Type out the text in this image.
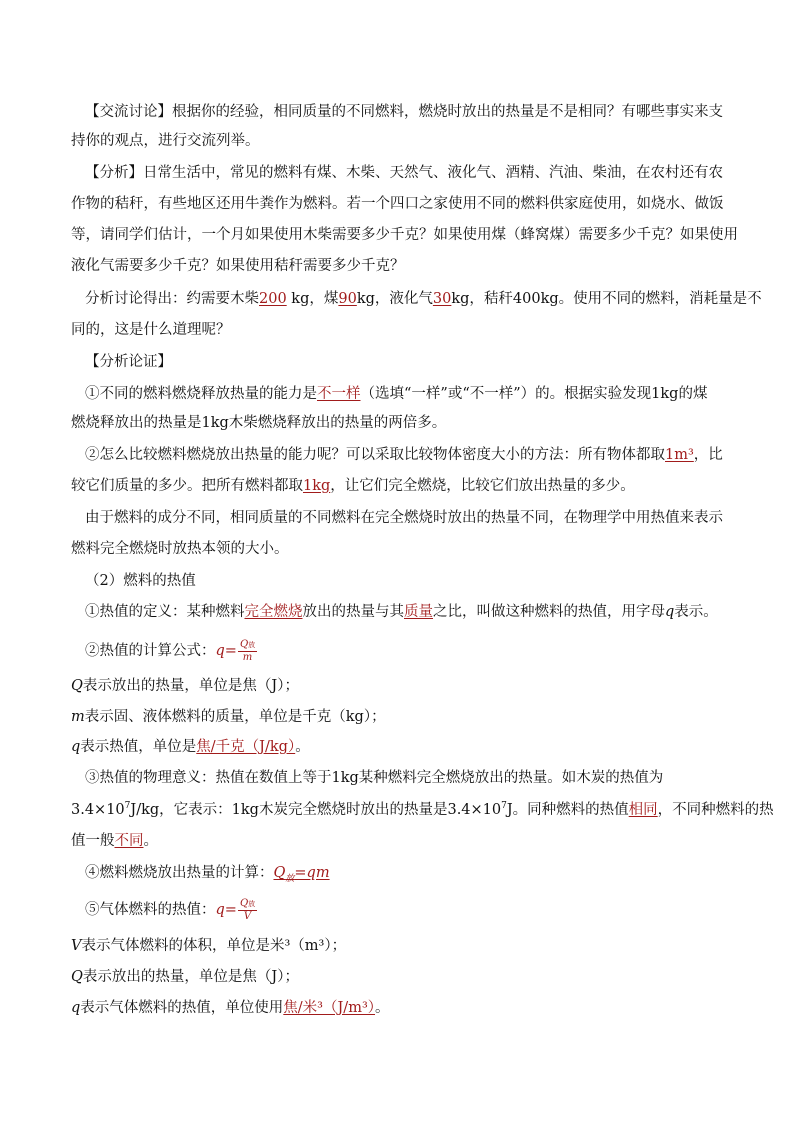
【交流讨论】根据你的经验，相同质量的不同燃料，燃烧时放出的热量是不是相同？有哪些事实来支
持你的观点，进行交流列举。
【分析】日常生活中，常见的燃料有煤、木柴、天然气、液化气、酒精、汽油、柴油，在农村还有农
作物的秸秆，有些地区还用牛粪作为燃料。若一个四口之家使用不同的燃料供家庭使用，如烧水、做饭
等，请同学们估计，一个月如果使用木柴需要多少千克？如果使用煤（蜂窝煤）需要多少千克？如果使用
液化气需要多少千克？如果使用秸秆需要多少千克？
分析讨论得出：约需要木柴200 kg，煤90kg，液化气30kg，秸秆400kg。使用不同的燃料，消耗量是不
同的，这是什么道理呢？
【分析论证】
①不同的燃料燃烧释放热量的能力是不一样（选填“一样”或“不一样”）的。根据实验发现1kg的煤
燃烧释放出的热量是1kg木柴燃烧释放出的热量的两倍多。
②怎么比较燃料燃烧放出热量的能力呢？可以采取比较物体密度大小的方法：所有物体都取1m³，比
较它们质量的多少。把所有燃料都取1kg，让它们完全燃烧，比较它们放出热量的多少。
由于燃料的成分不同，相同质量的不同燃料在完全燃烧时放出的热量不同，在物理学中用热值来表示
燃料完全燃烧时放热本领的大小。
（2）燃料的热值
①热值的定义：某种燃料完全燃烧放出的热量与其质量之比，叫做这种燃料的热值，用字母q表示。
②热值的计算公式：$q= \frac{\text{Q放}}{m}$
Q表示放出的热量，单位是焦（J）；
m表示固、液体燃料的质量，单位是千克（kg）；
q表示热值，单位是焦/千克（J/kg）。
③热值的物理意义：热值在数值上等于1kg某种燃料完全燃烧放出的热量。如木炭的热值为
$3.4\times 10^7J/kg$，它表示：1kg木炭完全燃烧时放出的热量是$3.4\times 10^7J$。同种燃料的热值相同，不同种燃料的热
值一般不同。
④燃料燃烧放出热量的计算：$Q_放=qm$
⑤气体燃料的热值：$q= \frac{\text{Q放}}{V}$
V表示气体燃料的体积，单位是米³（m³）；
Q表示放出的热量，单位是焦（J）；
q表示气体燃料的热值，单位使用焦/米³（J/m³）。
